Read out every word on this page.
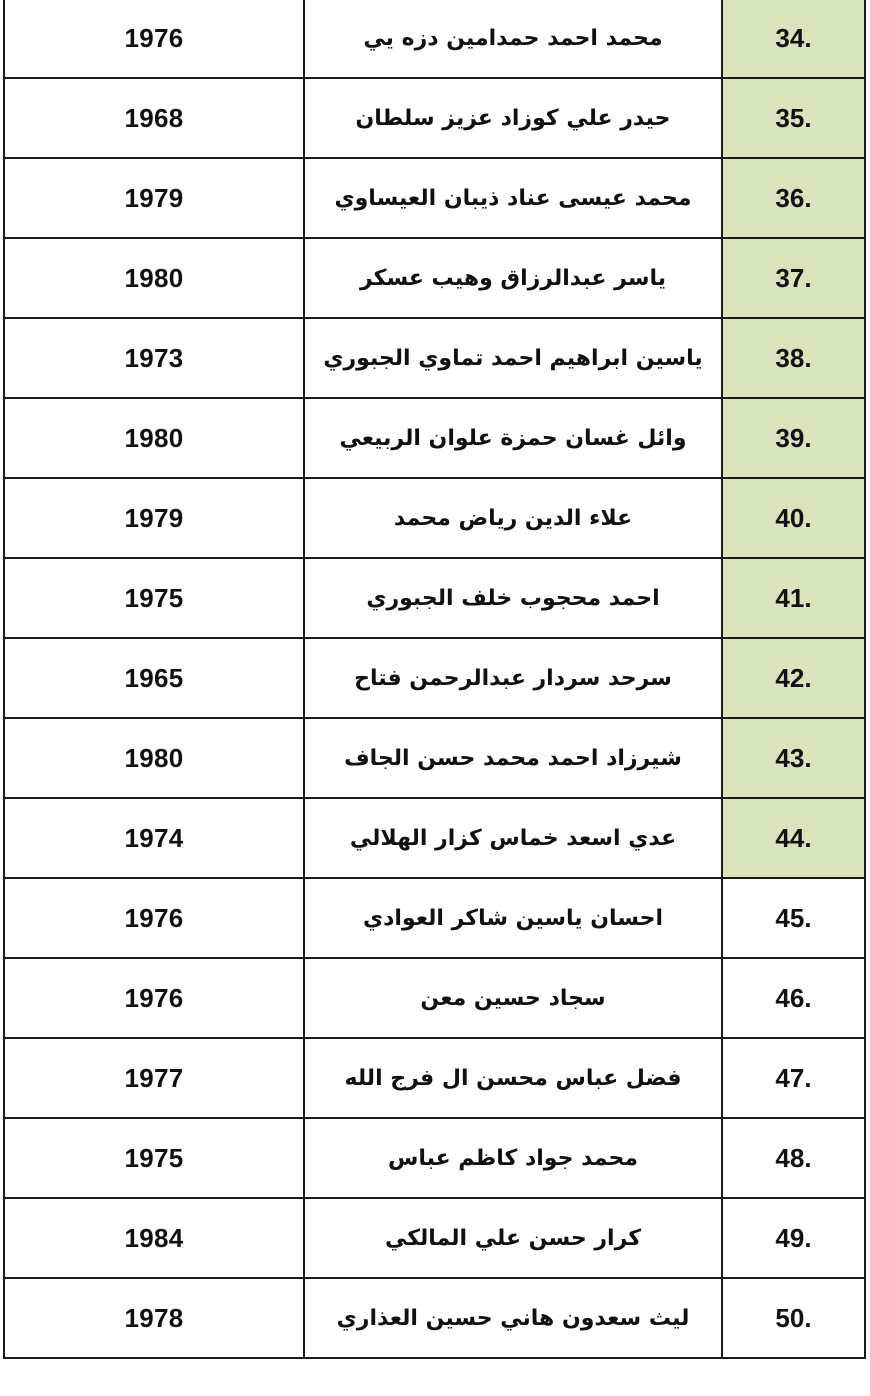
1976	محمد احمد حمدامين دزه يي	34.
1968	حيدر علي كوزاد عزيز سلطان	35.
1979	محمد عيسى عناد ذيبان العيساوي	36.
1980	ياسر عبدالرزاق وهيب عسكر	37.
1973	ياسين ابراهيم احمد تماوي الجبوري	38.
1980	وائل غسان حمزة علوان الربيعي	39.
1979	علاء الدين رياض محمد	40.
1975	احمد محجوب خلف الجبوري	41.
1965	سرحد سردار عبدالرحمن فتاح	42.
1980	شيرزاد احمد محمد حسن الجاف	43.
1974	عدي اسعد خماس كزار الهلالي	44.
1976	احسان ياسين شاكر العوادي	45.
1976	سجاد حسين معن	46.
1977	فضل عباس محسن ال فرج الله	47.
1975	محمد جواد كاظم عباس	48.
1984	كرار حسن علي المالكي	49.
1978	ليث سعدون هاني حسين العذاري	50.
